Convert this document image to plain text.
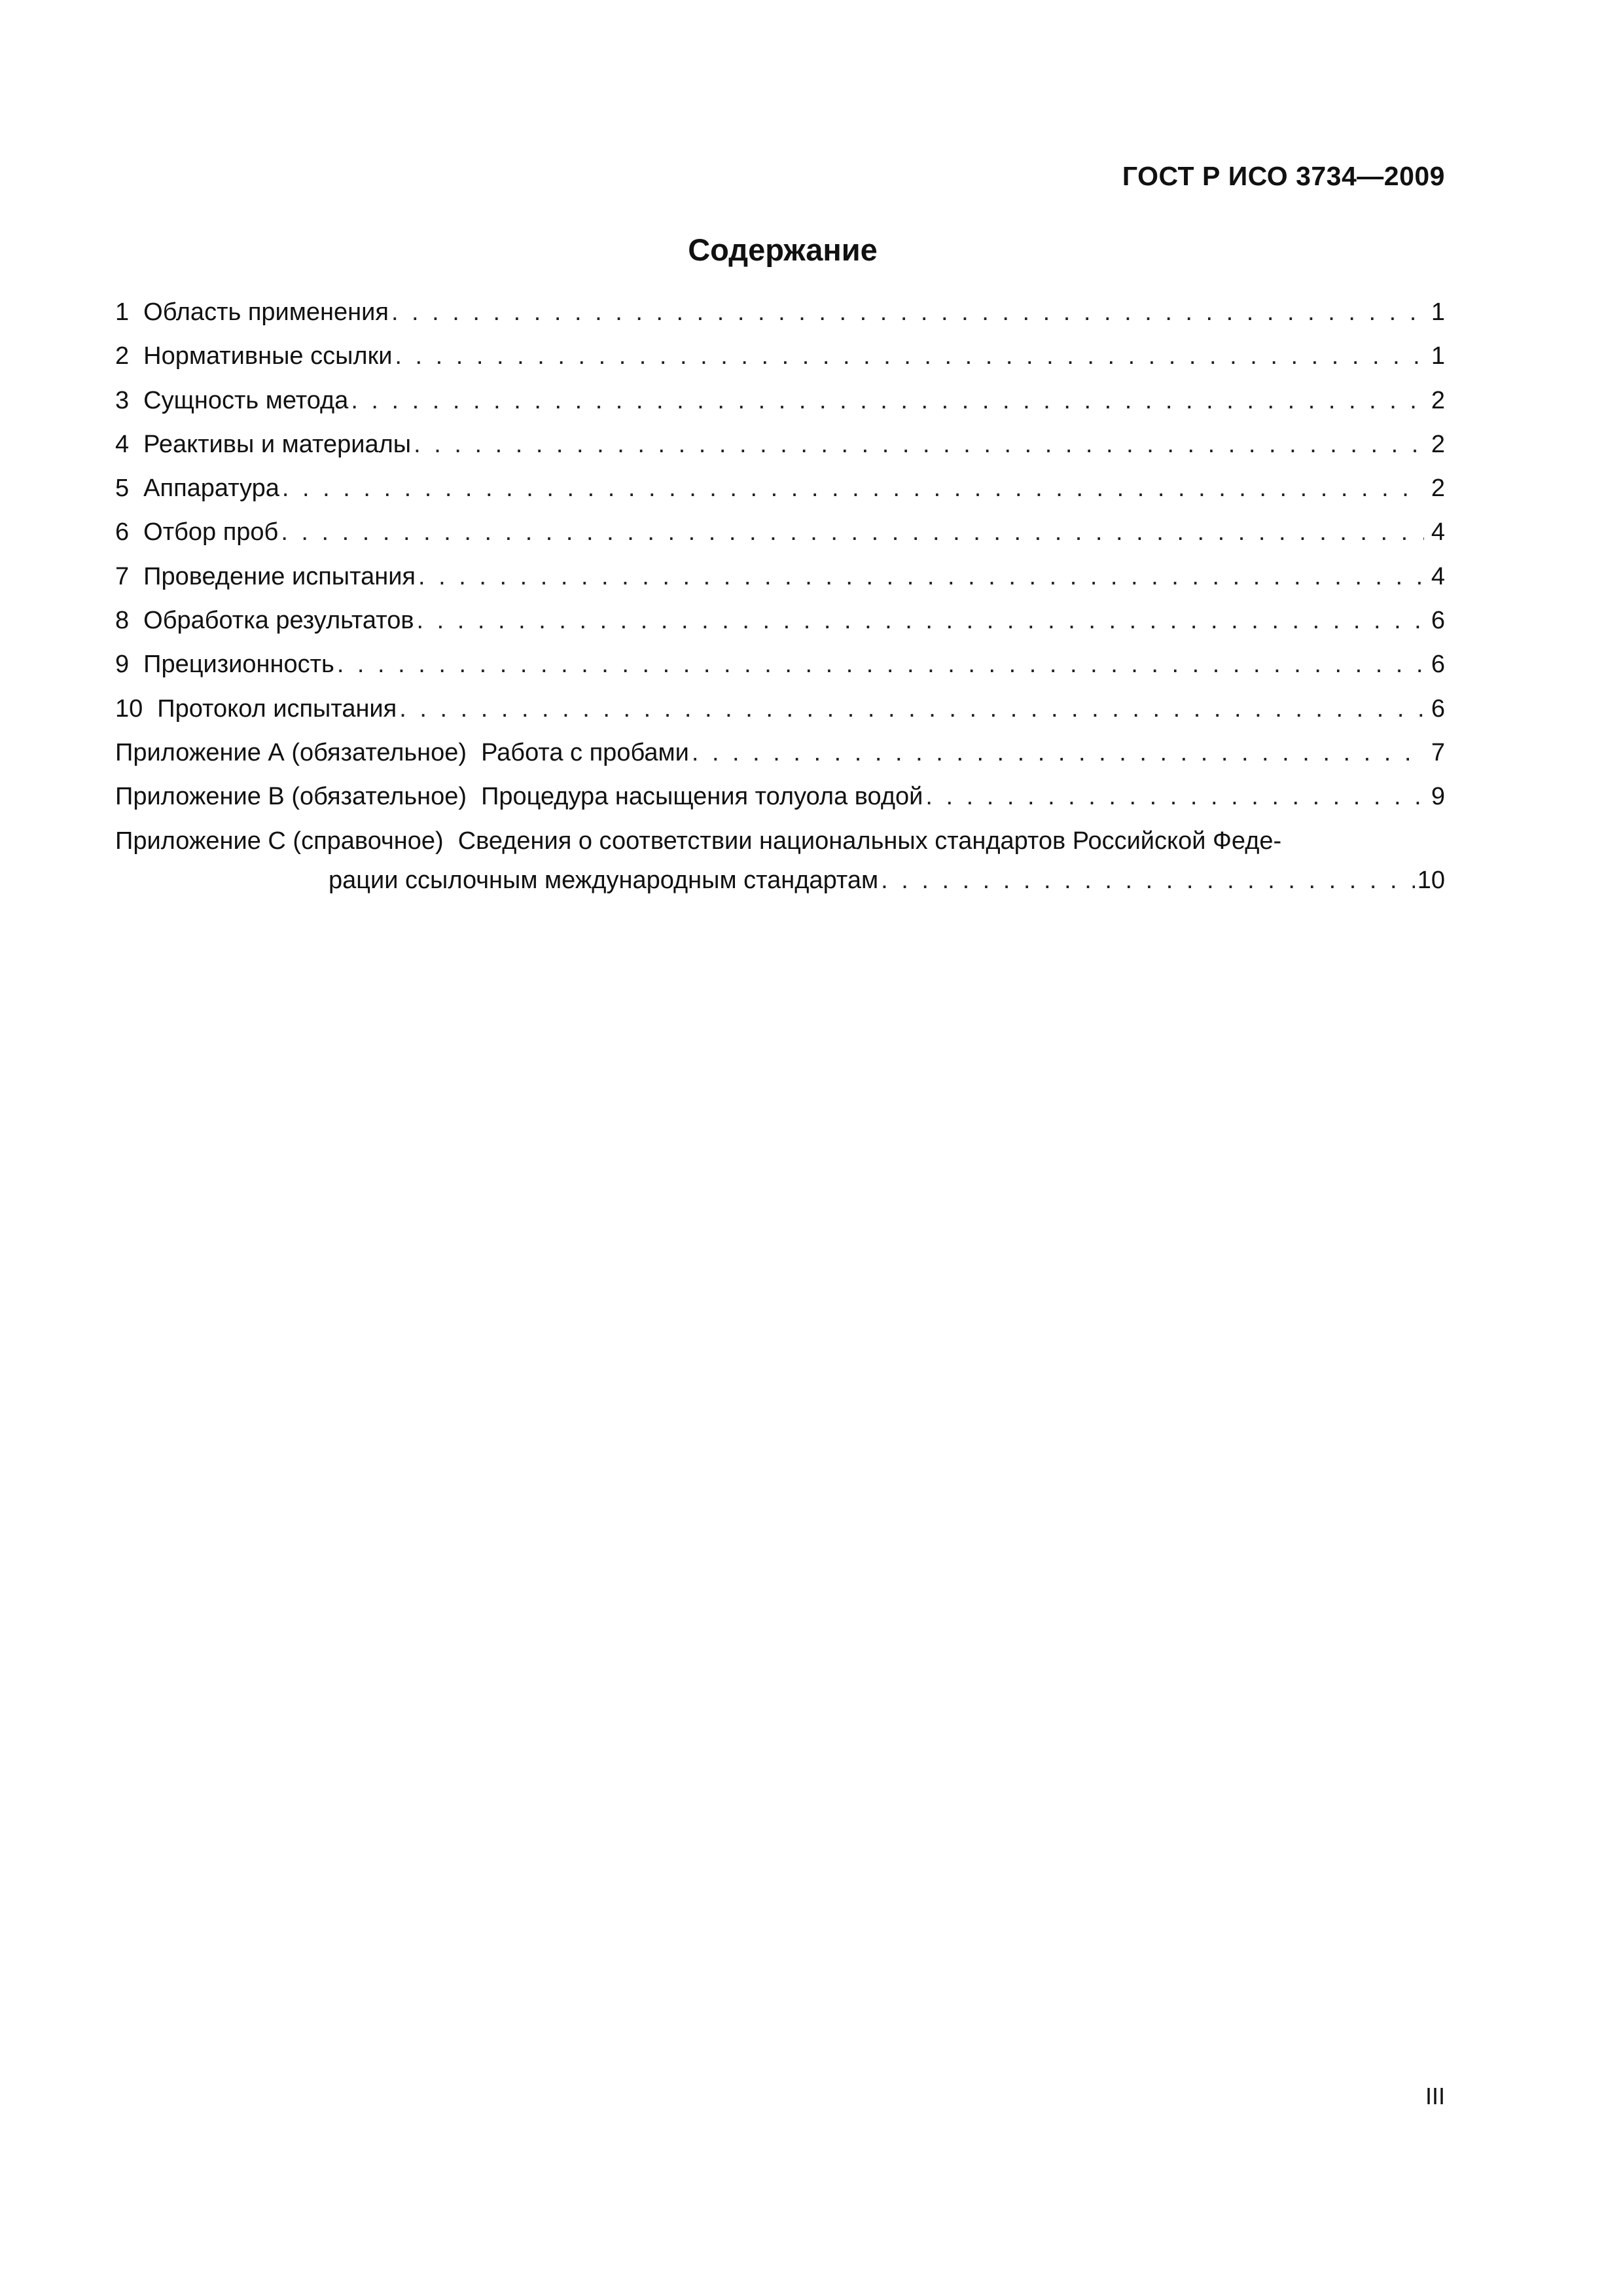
ГОСТ Р ИСО 3734—2009
Содержание
1 Область применения . . .	1
2 Нормативные ссылки . . .	1
3 Сущность метода . . .	2
4 Реактивы и материалы . . .	2
5 Аппаратура . . .	2
6 Отбор проб . . .	4
7 Проведение испытания . . .	4
8 Обработка результатов . . .	6
9 Прецизионность . . .	6
10 Протокол испытания . . .	6
Приложение А (обязательное) Работа с пробами . . .	7
Приложение В (обязательное) Процедура насыщения толуола водой . . .	9
Приложение С (справочное) Сведения о соответствии национальных стандартов Российской Феде-
рации ссылочным международным стандартам . . .	10
III
